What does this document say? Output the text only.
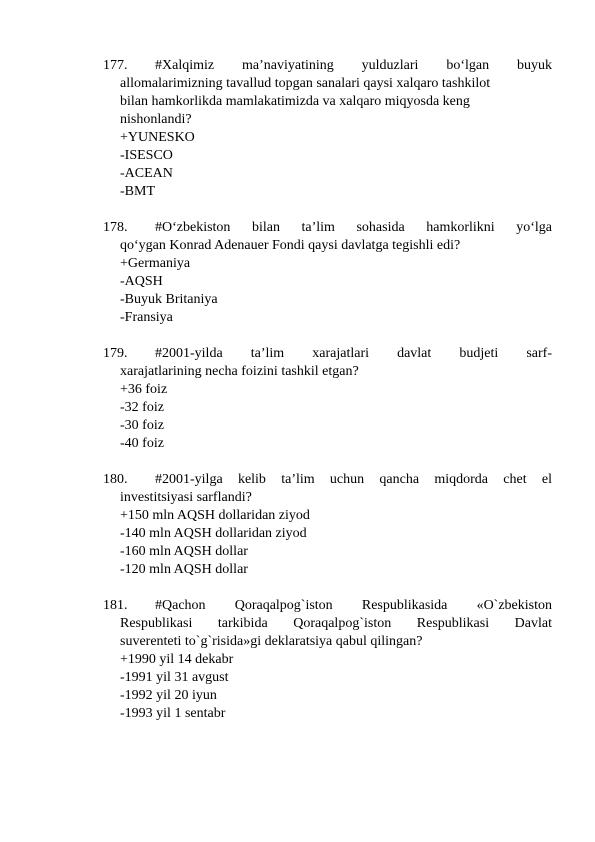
177.	#Xalqimiz ma’naviyatining yulduzlari bo‘lgan buyuk
allomalarimizning tavallud topgan sanalari qaysi xalqaro tashkilot
bilan hamkorlikda mamlakatimizda va xalqaro miqyosda keng
nishonlandi?
+YUNESKO
-ISESCO
-ACEAN
-BMT
178.	#O‘zbekiston bilan ta’lim sohasida hamkorlikni yo‘lga
qo‘ygan Konrad Adenauer Fondi qaysi davlatga tegishli edi?
+Germaniya
-AQSH
-Buyuk Britaniya
-Fransiya
179.	#2001-yilda ta’lim xarajatlari davlat budjeti sarf-
xarajatlarining necha foizini tashkil etgan?
+36 foiz
-32 foiz
-30 foiz
-40 foiz
180.	#2001-yilga kelib ta’lim uchun qancha miqdorda chet el
investitsiyasi sarflandi?
+150 mln AQSH dollaridan ziyod
-140 mln AQSH dollaridan ziyod
-160 mln AQSH dollar
-120 mln AQSH dollar
181.	#Qachon Qoraqalpog`iston Respublikasida «O`zbekiston
Respublikasi tarkibida Qoraqalpog`iston Respublikasi Davlat
suverenteti to`g`risida»gi deklaratsiya qabul qilingan?
+1990 yil 14 dekabr
-1991 yil 31 avgust
-1992 yil 20 iyun
-1993 yil 1 sentabr
